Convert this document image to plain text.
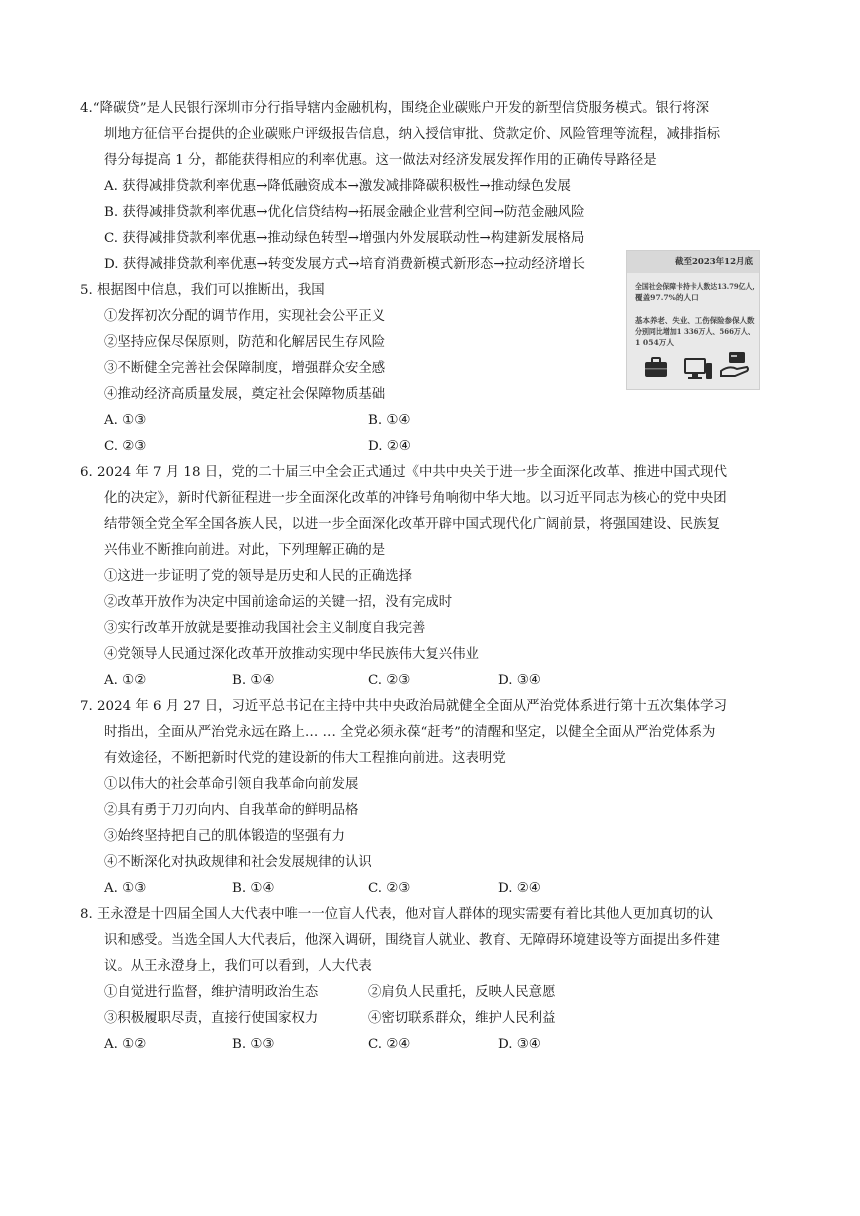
4.“降碳贷”是人民银行深圳市分行指导辖内金融机构，围绕企业碳账户开发的新型信贷服务模式。银行将深
圳地方征信平台提供的企业碳账户评级报告信息，纳入授信审批、贷款定价、风险管理等流程，减排指标
得分每提高 1 分，都能获得相应的利率优惠。这一做法对经济发展发挥作用的正确传导路径是
A. 获得减排贷款利率优惠→降低融资成本→激发减排降碳积极性→推动绿色发展
B. 获得减排贷款利率优惠→优化信贷结构→拓展金融企业营利空间→防范金融风险
C. 获得减排贷款利率优惠→推动绿色转型→增强内外发展联动性→构建新发展格局
D. 获得减排贷款利率优惠→转变发展方式→培育消费新模式新形态→拉动经济增长
5. 根据图中信息，我们可以推断出，我国
①发挥初次分配的调节作用，实现社会公平正义
②坚持应保尽保原则，防范和化解居民生存风险
③不断健全完善社会保障制度，增强群众安全感
④推动经济高质量发展，奠定社会保障物质基础
A. ①③	B. ①④
C. ②③	D. ②④
截至2023年12月底
全国社会保障卡持卡人数达13.79亿人,
覆盖97.7%的人口
基本养老、失业、工伤保险参保人数
分别同比增加1 336万人、566万人、
1 054万人
6. 2024 年 7 月 18 日，党的二十届三中全会正式通过《中共中央关于进一步全面深化改革、推进中国式现代
化的决定》，新时代新征程进一步全面深化改革的冲锋号角响彻中华大地。以习近平同志为核心的党中央团
结带领全党全军全国各族人民，以进一步全面深化改革开辟中国式现代化广阔前景，将强国建设、民族复
兴伟业不断推向前进。对此，下列理解正确的是
①这进一步证明了党的领导是历史和人民的正确选择
②改革开放作为决定中国前途命运的关键一招，没有完成时
③实行改革开放就是要推动我国社会主义制度自我完善
④党领导人民通过深化改革开放推动实现中华民族伟大复兴伟业
A. ①②	B. ①④	C. ②③	D. ③④
7. 2024 年 6 月 27 日，习近平总书记在主持中共中央政治局就健全全面从严治党体系进行第十五次集体学习
时指出，全面从严治党永远在路上… … 全党必须永葆“赶考”的清醒和坚定，以健全全面从严治党体系为
有效途径，不断把新时代党的建设新的伟大工程推向前进。这表明党
①以伟大的社会革命引领自我革命向前发展
②具有勇于刀刃向内、自我革命的鲜明品格
③始终坚持把自己的肌体锻造的坚强有力
④不断深化对执政规律和社会发展规律的认识
A. ①③	B. ①④	C. ②③	D. ②④
8. 王永澄是十四届全国人大代表中唯一一位盲人代表，他对盲人群体的现实需要有着比其他人更加真切的认
识和感受。当选全国人大代表后，他深入调研，围绕盲人就业、教育、无障碍环境建设等方面提出多件建
议。从王永澄身上，我们可以看到，人大代表
①自觉进行监督，维护清明政治生态	②肩负人民重托，反映人民意愿
③积极履职尽责，直接行使国家权力	④密切联系群众，维护人民利益
A. ①②	B. ①③	C. ②④	D. ③④
